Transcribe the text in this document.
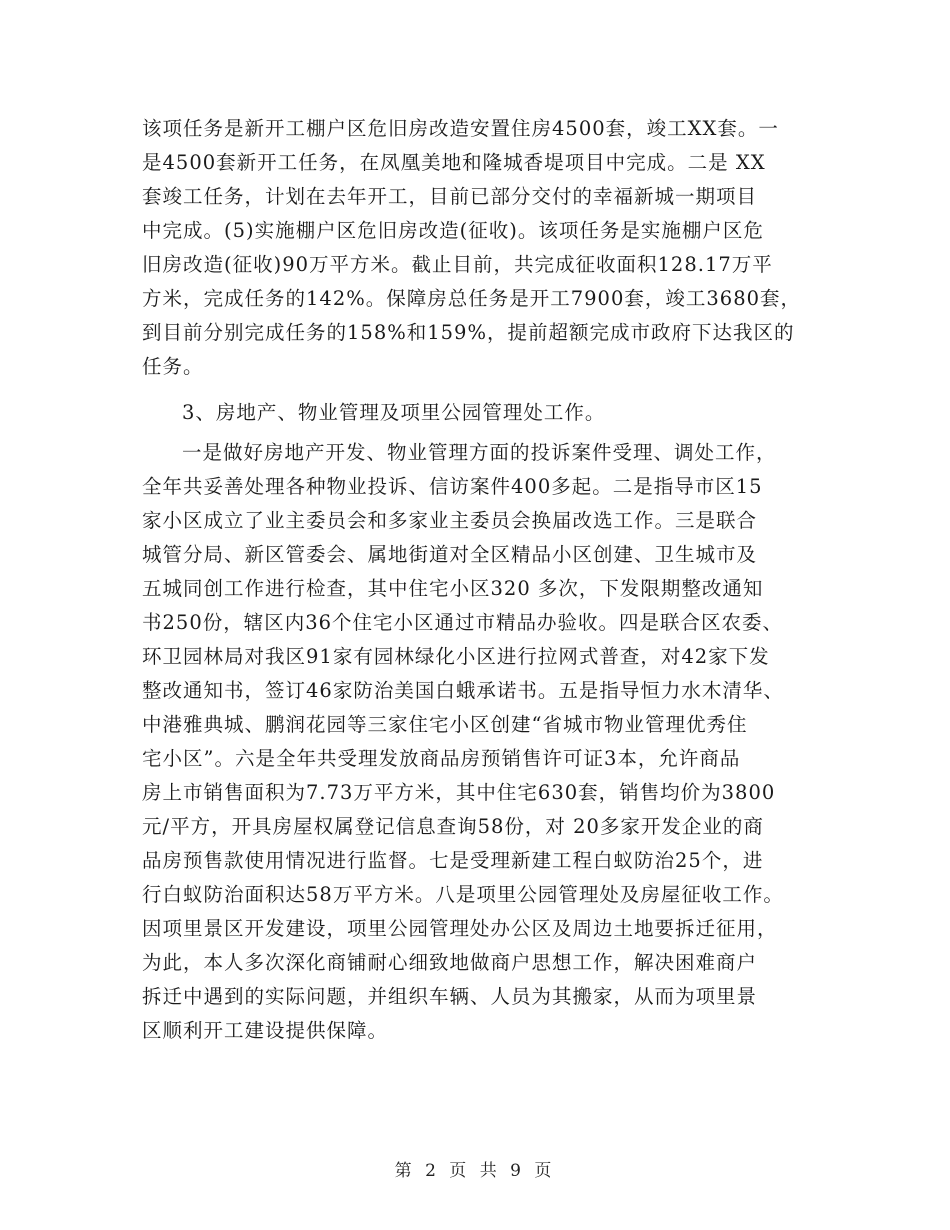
该项任务是新开工棚户区危旧房改造安置住房4500套，竣工XX套。一
是4500套新开工任务，在凤凰美地和隆城香堤项目中完成。二是 XX
套竣工任务，计划在去年开工，目前已部分交付的幸福新城一期项目
中完成。(5)实施棚户区危旧房改造(征收)。该项任务是实施棚户区危
旧房改造(征收)90万平方米。截止目前，共完成征收面积128.17万平
方米，完成任务的142%。保障房总任务是开工7900套，竣工3680套，
到目前分别完成任务的158%和159%，提前超额完成市政府下达我区的
任务。
3、房地产、物业管理及项里公园管理处工作。
一是做好房地产开发、物业管理方面的投诉案件受理、调处工作，
全年共妥善处理各种物业投诉、信访案件400多起。二是指导市区15
家小区成立了业主委员会和多家业主委员会换届改选工作。三是联合
城管分局、新区管委会、属地街道对全区精品小区创建、卫生城市及
五城同创工作进行检查，其中住宅小区320 多次，下发限期整改通知
书250份，辖区内36个住宅小区通过市精品办验收。四是联合区农委、
环卫园林局对我区91家有园林绿化小区进行拉网式普查，对42家下发
整改通知书，签订46家防治美国白蛾承诺书。五是指导恒力水木清华、
中港雅典城、鹏润花园等三家住宅小区创建“省城市物业管理优秀住
宅小区”。六是全年共受理发放商品房预销售许可证3本，允许商品
房上市销售面积为7.73万平方米，其中住宅630套，销售均价为3800
元/平方，开具房屋权属登记信息查询58份，对 20多家开发企业的商
品房预售款使用情况进行监督。七是受理新建工程白蚁防治25个，进
行白蚁防治面积达58万平方米。八是项里公园管理处及房屋征收工作。
因项里景区开发建设，项里公园管理处办公区及周边土地要拆迁征用，
为此，本人多次深化商铺耐心细致地做商户思想工作，解决困难商户
拆迁中遇到的实际问题，并组织车辆、人员为其搬家，从而为项里景
区顺利开工建设提供保障。
第 2 页 共 9 页
